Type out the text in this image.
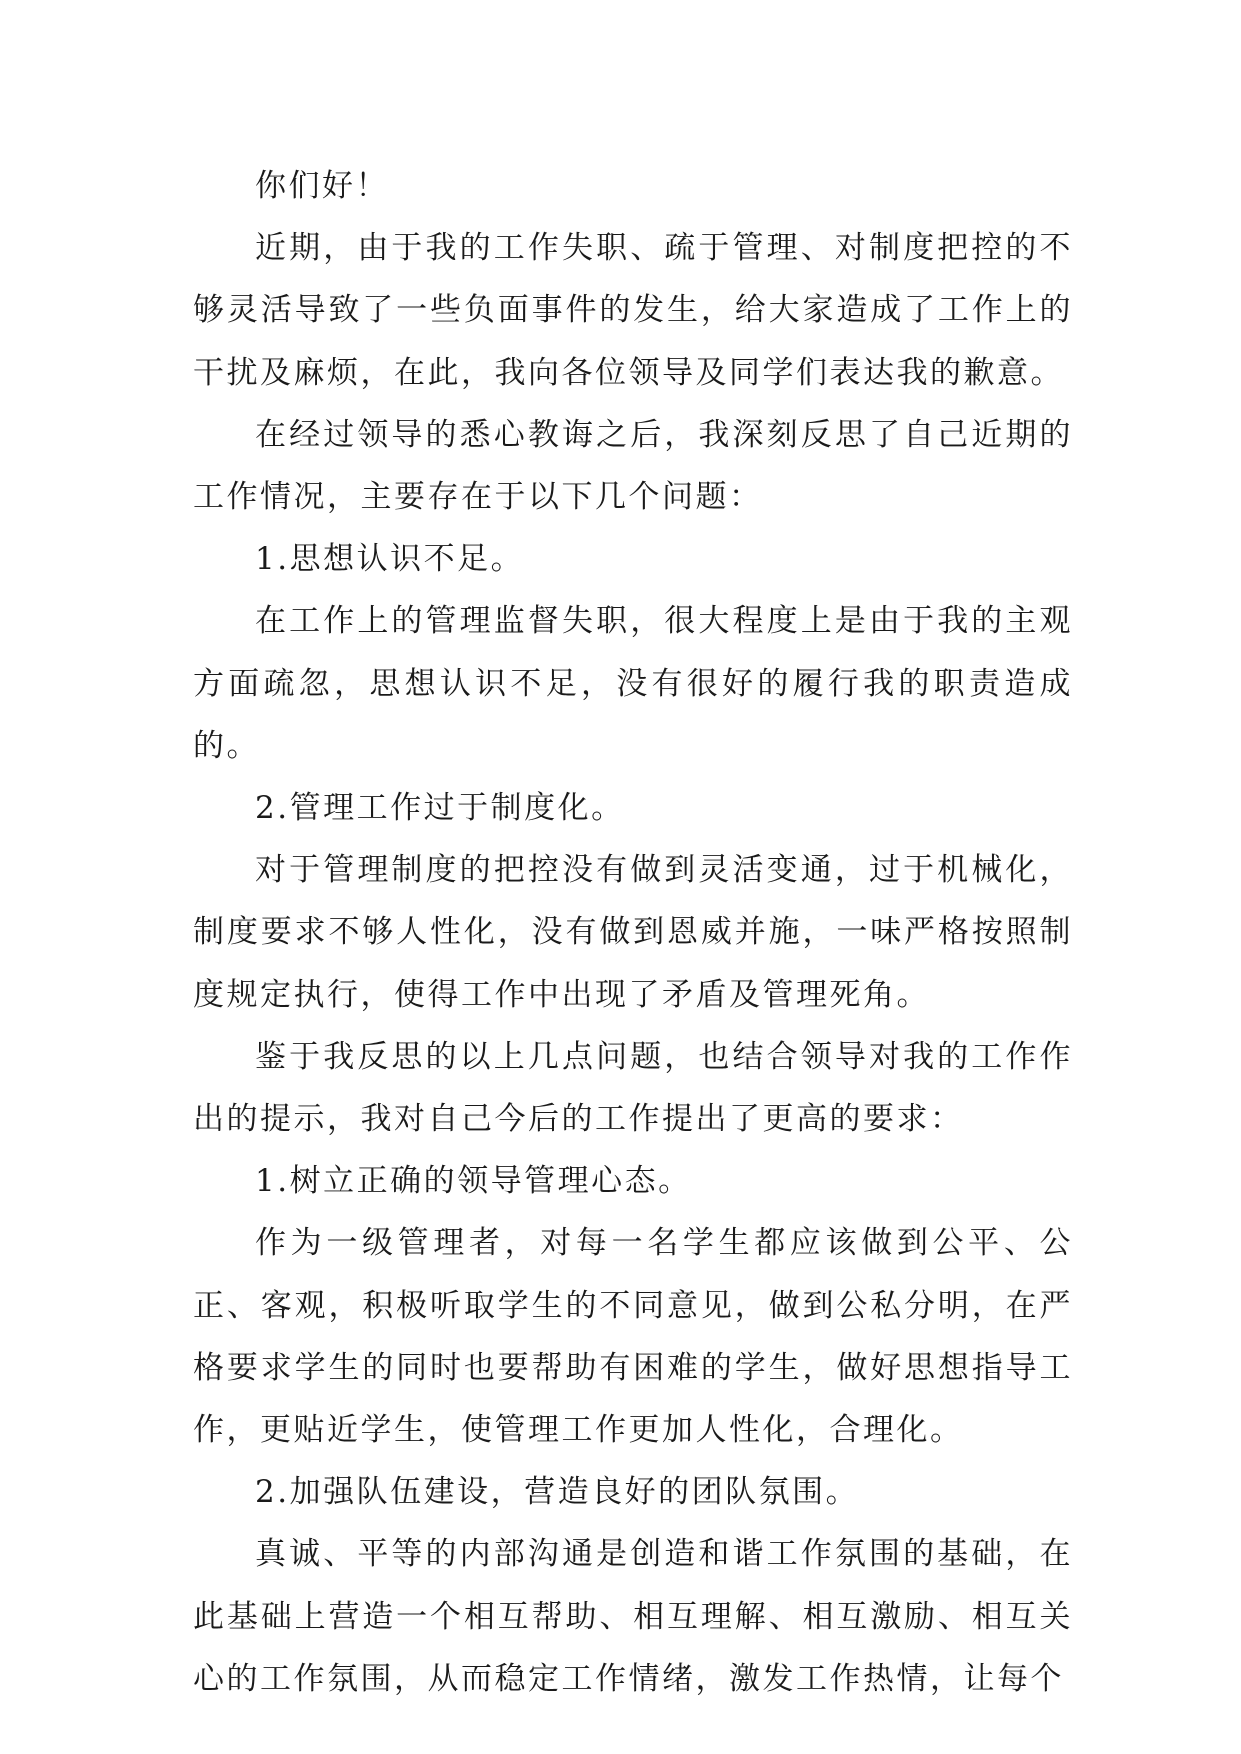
你们好！

近期，由于我的工作失职、疏于管理、对制度把控的不够灵活导致了一些负面事件的发生，给大家造成了工作上的干扰及麻烦，在此，我向各位领导及同学们表达我的歉意。

在经过领导的悉心教诲之后，我深刻反思了自己近期的工作情况，主要存在于以下几个问题：

1.思想认识不足。

在工作上的管理监督失职，很大程度上是由于我的主观方面疏忽，思想认识不足，没有很好的履行我的职责造成的。

2.管理工作过于制度化。

对于管理制度的把控没有做到灵活变通，过于机械化，制度要求不够人性化，没有做到恩威并施，一味严格按照制度规定执行，使得工作中出现了矛盾及管理死角。

鉴于我反思的以上几点问题，也结合领导对我的工作作出的提示，我对自己今后的工作提出了更高的要求：

1.树立正确的领导管理心态。

作为一级管理者，对每一名学生都应该做到公平、公正、客观，积极听取学生的不同意见，做到公私分明，在严格要求学生的同时也要帮助有困难的学生，做好思想指导工作，更贴近学生，使管理工作更加人性化，合理化。

2.加强队伍建设，营造良好的团队氛围。

真诚、平等的内部沟通是创造和谐工作氛围的基础，在此基础上营造一个相互帮助、相互理解、相互激励、相互关心的工作氛围，从而稳定工作情绪，激发工作热情，让每个
